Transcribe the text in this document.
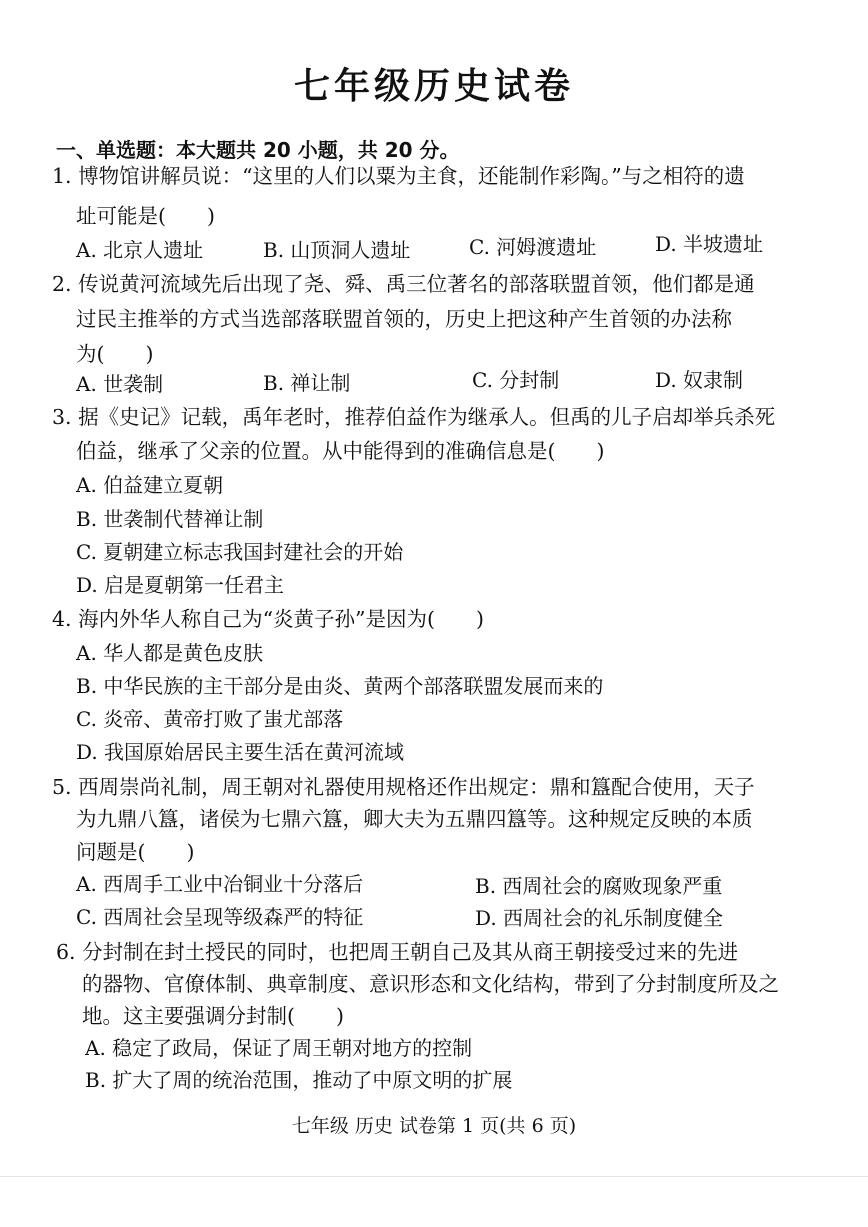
七年级历史试卷
一、单选题：本大题共 20 小题，共 20 分。
1. 博物馆讲解员说：“这里的人们以粟为主食，还能制作彩陶。”与之相符的遗
址可能是(　　)
A. 北京人遗址	B. 山顶洞人遗址	C. 河姆渡遗址	D. 半坡遗址
2. 传说黄河流域先后出现了尧、舜、禹三位著名的部落联盟首领，他们都是通
过民主推举的方式当选部落联盟首领的，历史上把这种产生首领的办法称
为(　　)
A. 世袭制	B. 禅让制	C. 分封制	D. 奴隶制
3. 据《史记》记载，禹年老时，推荐伯益作为继承人。但禹的儿子启却举兵杀死
伯益，继承了父亲的位置。从中能得到的准确信息是(　　)
A. 伯益建立夏朝
B. 世袭制代替禅让制
C. 夏朝建立标志我国封建社会的开始
D. 启是夏朝第一任君主
4. 海内外华人称自己为“炎黄子孙”是因为(　　)
A. 华人都是黄色皮肤
B. 中华民族的主干部分是由炎、黄两个部落联盟发展而来的
C. 炎帝、黄帝打败了蚩尤部落
D. 我国原始居民主要生活在黄河流域
5. 西周崇尚礼制，周王朝对礼器使用规格还作出规定：鼎和簋配合使用，天子
为九鼎八簋，诸侯为七鼎六簋，卿大夫为五鼎四簋等。这种规定反映的本质
问题是(　　)
A. 西周手工业中冶铜业十分落后	B. 西周社会的腐败现象严重
C. 西周社会呈现等级森严的特征	D. 西周社会的礼乐制度健全
6. 分封制在封土授民的同时，也把周王朝自己及其从商王朝接受过来的先进
的器物、官僚体制、典章制度、意识形态和文化结构，带到了分封制度所及之
地。这主要强调分封制(　　)
A. 稳定了政局，保证了周王朝对地方的控制
B. 扩大了周的统治范围，推动了中原文明的扩展
七年级 历史 试卷第 1 页(共 6 页)
